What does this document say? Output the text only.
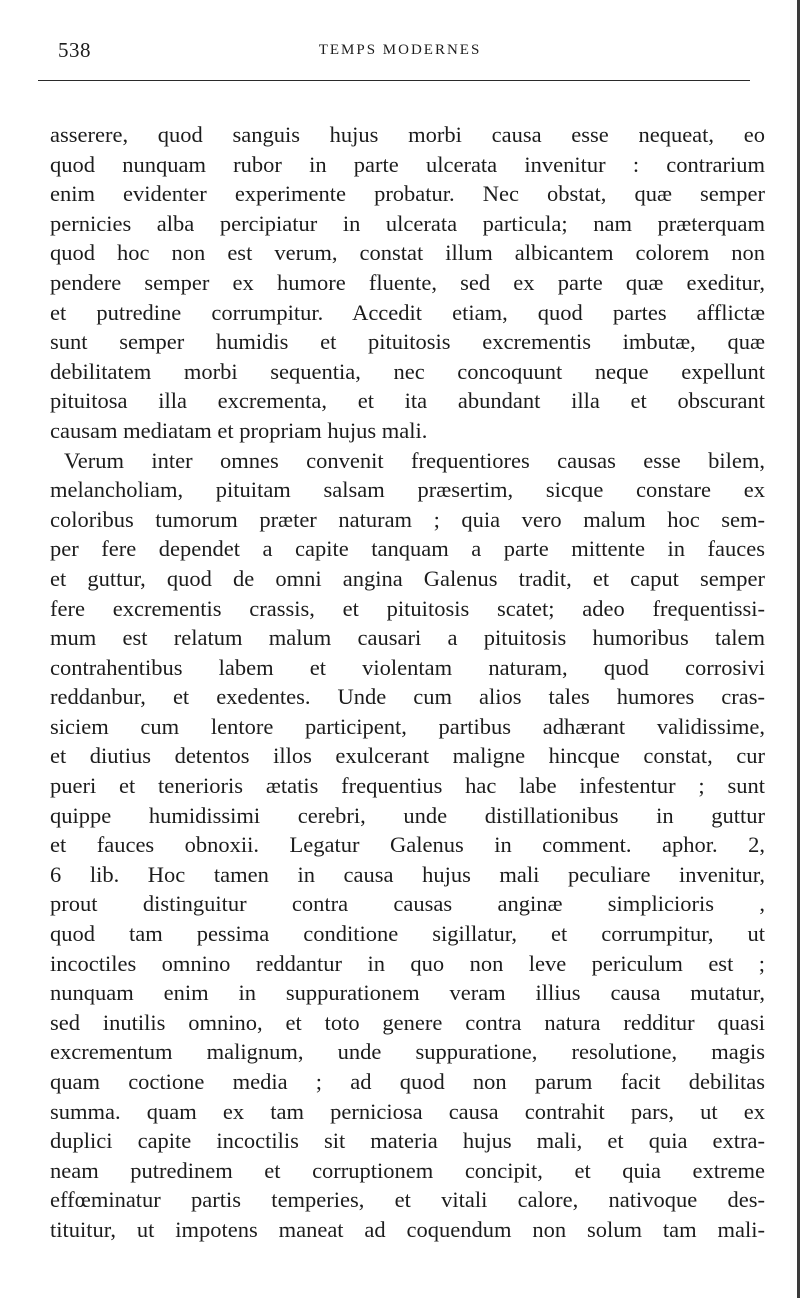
538	TEMPS MODERNES
asserere, quod sanguis hujus morbi causa esse nequeat, eo
quod nunquam rubor in parte ulcerata invenitur : contrarium
enim evidenter experimente probatur. Nec obstat, quæ semper
pernicies alba percipiatur in ulcerata particula; nam præterquam
quod hoc non est verum, constat illum albicantem colorem non
pendere semper ex humore fluente, sed ex parte quæ exeditur,
et putredine corrumpitur. Accedit etiam, quod partes afflictæ
sunt semper humidis et pituitosis excrementis imbutæ, quæ
debilitatem morbi sequentia, nec concoquunt neque expellunt
pituitosa illa excrementa, et ita abundant illa et obscurant
causam mediatam et propriam hujus mali.
Verum inter omnes convenit frequentiores causas esse bilem,
melancholiam, pituitam salsam præsertim, sicque constare ex
coloribus tumorum præter naturam ; quia vero malum hoc sem-
per fere dependet a capite tanquam a parte mittente in fauces
et guttur, quod de omni angina Galenus tradit, et caput semper
fere excrementis crassis, et pituitosis scatet; adeo frequentissi-
mum est relatum malum causari a pituitosis humoribus talem
contrahentibus labem et violentam naturam, quod corrosivi
reddanbur, et exedentes. Unde cum alios tales humores cras-
siciem cum lentore participent, partibus adhærant validissime,
et diutius detentos illos exulcerant maligne hincque constat, cur
pueri et tenerioris ætatis frequentius hac labe infestentur ; sunt
quippe humidissimi cerebri, unde distillationibus in guttur
et fauces obnoxii. Legatur Galenus in comment. aphor. 2,
6 lib. Hoc tamen in causa hujus mali peculiare invenitur,
prout distinguitur contra causas anginæ simplicioris ,
quod tam pessima conditione sigillatur, et corrumpitur, ut
incoctiles omnino reddantur in quo non leve periculum est ;
nunquam enim in suppurationem veram illius causa mutatur,
sed inutilis omnino, et toto genere contra natura redditur quasi
excrementum malignum, unde suppuratione, resolutione, magis
quam coctione media ; ad quod non parum facit debilitas
summa. quam ex tam perniciosa causa contrahit pars, ut ex
duplici capite incoctilis sit materia hujus mali, et quia extra-
neam putredinem et corruptionem concipit, et quia extreme
effœminatur partis temperies, et vitali calore, nativoque des-
tituitur, ut impotens maneat ad coquendum non solum tam mali-
